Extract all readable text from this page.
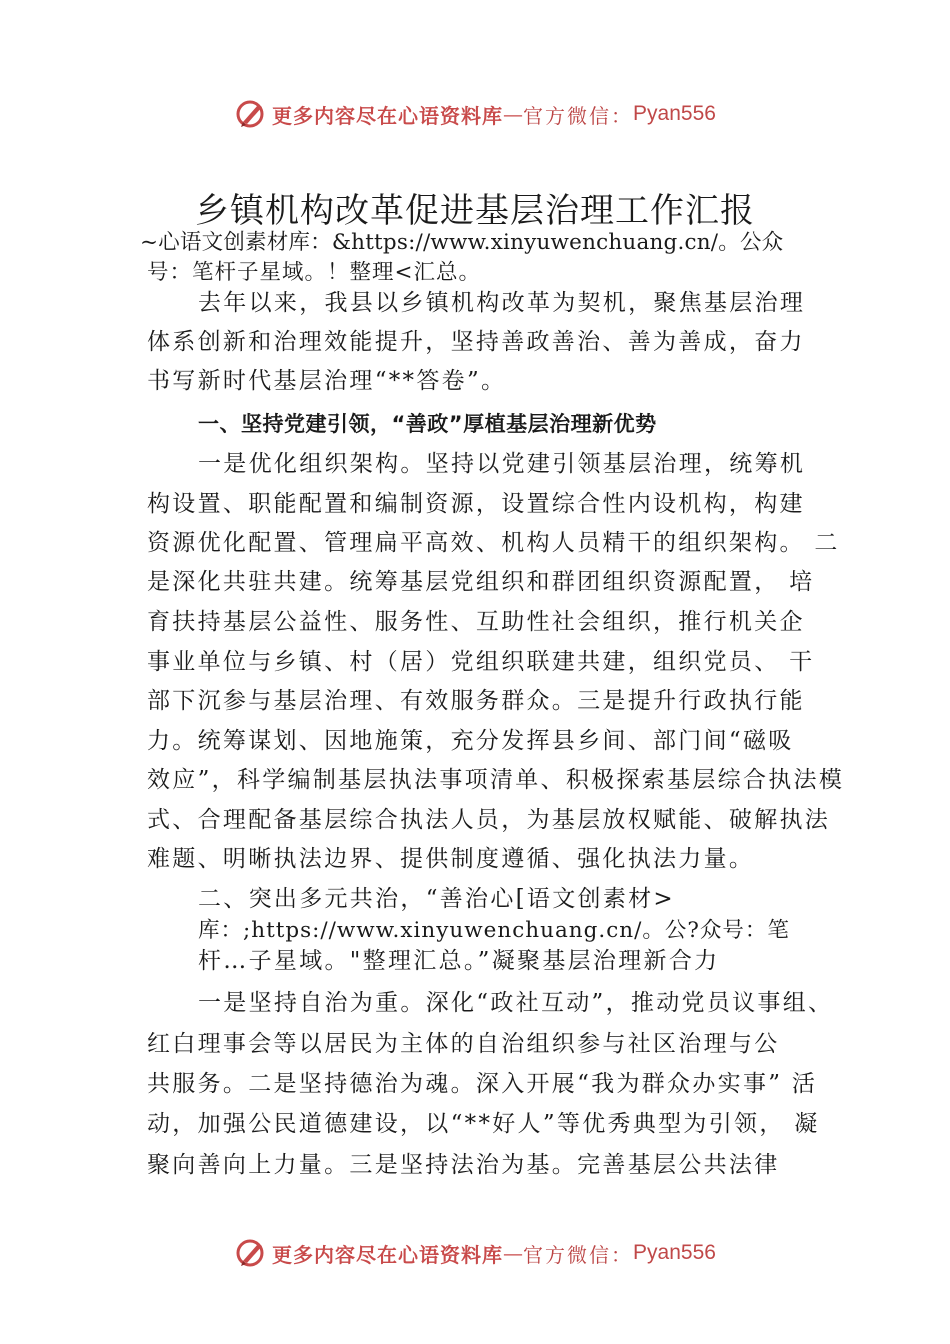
更多内容尽在心语资料库 — 官方微信： Pyan556
乡镇机构改革促进基层治理工作汇报
~心语文创素材库：&https://www.xinyuwenchuang.cn/。公众
号：笔杆子星域。！整理<汇总。
去年以来，我县以乡镇机构改革为契机，聚焦基层治理
体系创新和治理效能提升，坚持善政善治、善为善成，奋力
书写新时代基层治理“**答卷”。
一、坚持党建引领，“善政”厚植基层治理新优势
一是优化组织架构。坚持以党建引领基层治理，统筹机
构设置、职能配置和编制资源，设置综合性内设机构，构建
资源优化配置、管理扁平高效、机构人员精干的组织架构。 二
是深化共驻共建。统筹基层党组织和群团组织资源配置， 培
育扶持基层公益性、服务性、互助性社会组织，推行机关企
事业单位与乡镇、村（居）党组织联建共建，组织党员、 干
部下沉参与基层治理、有效服务群众。三是提升行政执行能
力。统筹谋划、因地施策，充分发挥县乡间、部门间“磁吸
效应”，科学编制基层执法事项清单、积极探索基层综合执法模
式、合理配备基层综合执法人员，为基层放权赋能、破解执法
难题、明晰执法边界、提供制度遵循、强化执法力量。
二、突出多元共治，“善治心[语文创素材>
库：;https://www.xinyuwenchuang.cn/。公?众号：笔
杆…子星域。"整理汇总。”凝聚基层治理新合力
一是坚持自治为重。深化“政社互动”，推动党员议事组、
红白理事会等以居民为主体的自治组织参与社区治理与公
共服务。二是坚持德治为魂。深入开展“我为群众办实事” 活
动，加强公民道德建设，以“**好人”等优秀典型为引领， 凝
聚向善向上力量。三是坚持法治为基。完善基层公共法律
更多内容尽在心语资料库 — 官方微信： Pyan556
